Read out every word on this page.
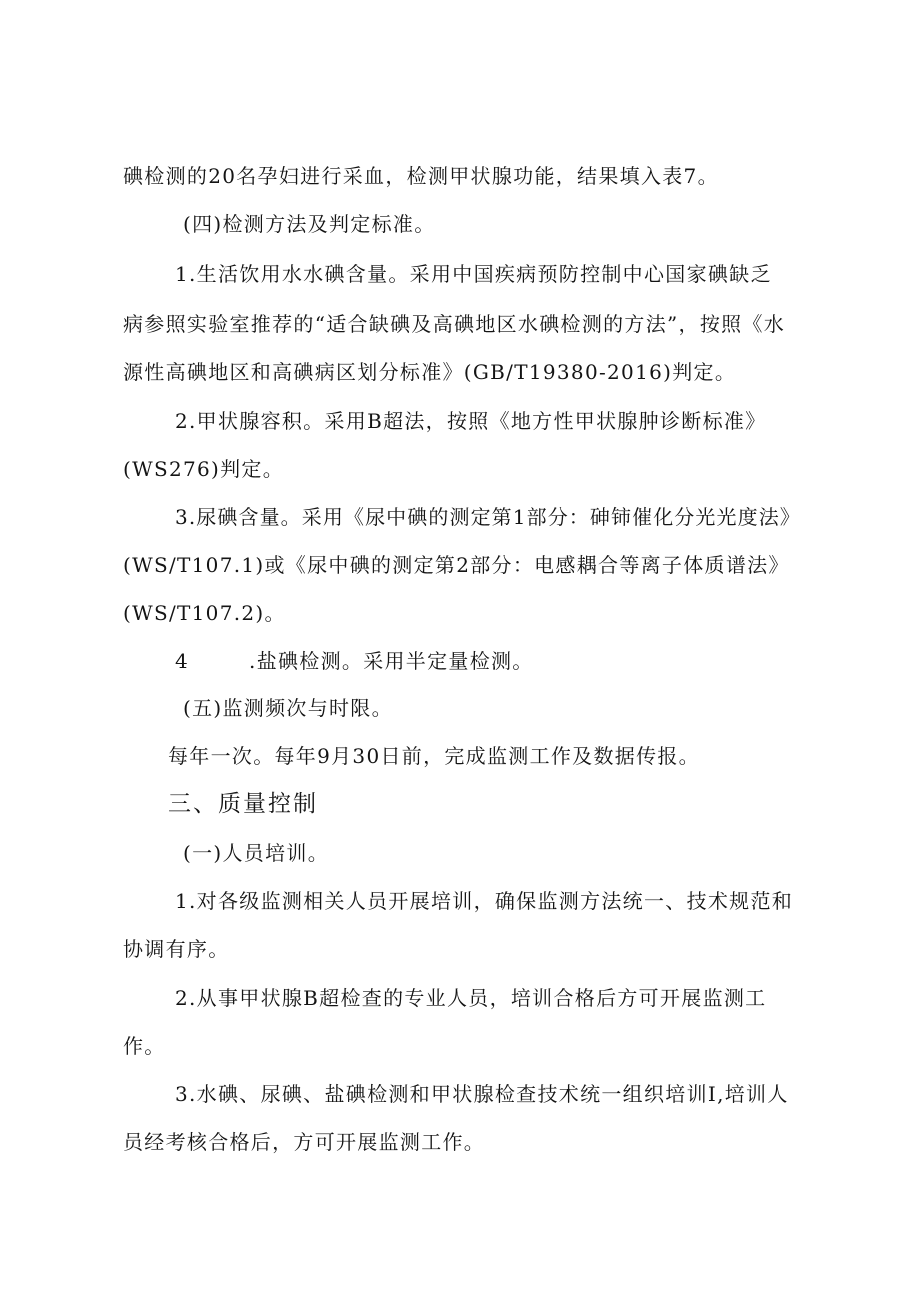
碘检测的20名孕妇进行采血，检测甲状腺功能，结果填入表7。

(四)检测方法及判定标准。

1.生活饮用水水碘含量。采用中国疾病预防控制中心国家碘缺乏

病参照实验室推荐的“适合缺碘及高碘地区水碘检测的方法”，按照《水

源性高碘地区和高碘病区划分标准》(GB/T19380-2016)判定。

2.甲状腺容积。采用B超法，按照《地方性甲状腺肿诊断标准》

(WS276)判定。

3.尿碘含量。采用《尿中碘的测定第1部分：砷铈催化分光光度法》

(WS/T107.1)或《尿中碘的测定第2部分：电感耦合等离子体质谱法》

(WS/T107.2)。

4	.盐碘检测。采用半定量检测。

(五)监测频次与时限。

每年一次。每年9月30日前，完成监测工作及数据传报。

三、质量控制

(一)人员培训。

1.对各级监测相关人员开展培训，确保监测方法统一、技术规范和

协调有序。

2.从事甲状腺B超检查的专业人员，培训合格后方可开展监测工

作。

3.水碘、尿碘、盐碘检测和甲状腺检查技术统一组织培训I,培训人

员经考核合格后，方可开展监测工作。
